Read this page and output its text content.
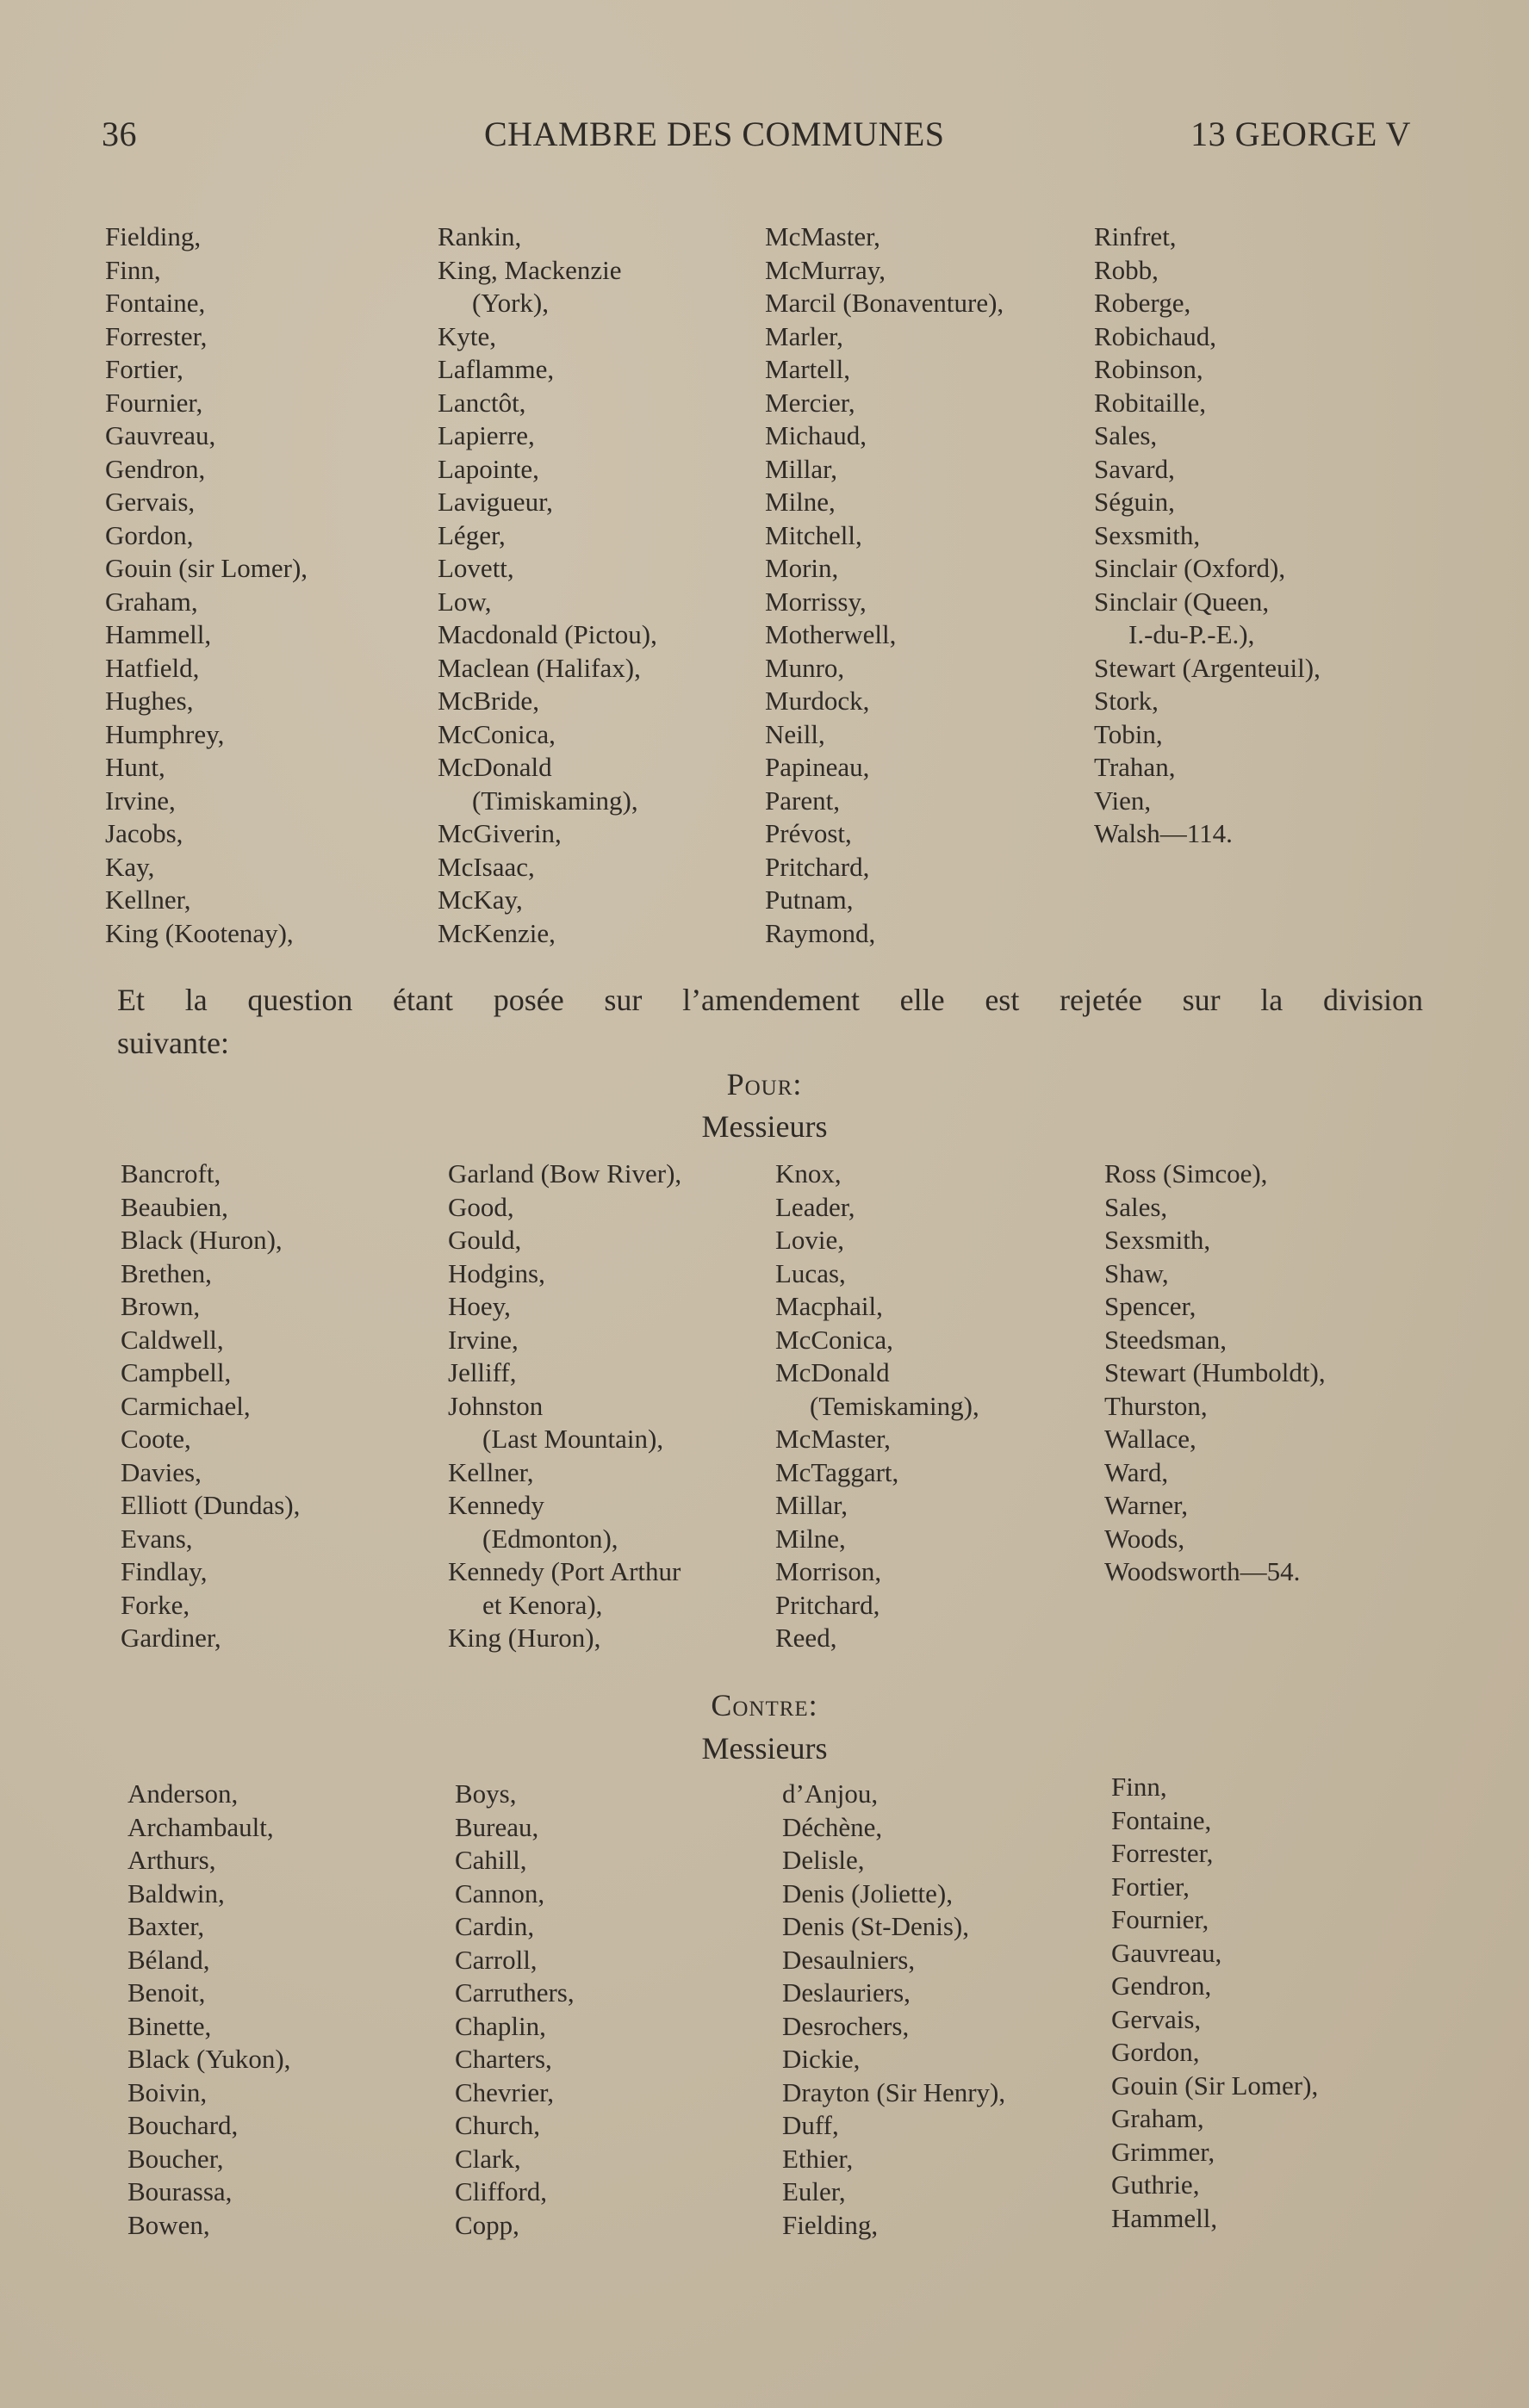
36	CHAMBRE DES COMMUNES	13 GEORGE V
Fielding,
Finn,
Fontaine,
Forrester,
Fortier,
Fournier,
Gauvreau,
Gendron,
Gervais,
Gordon,
Gouin (sir Lomer),
Graham,
Hammell,
Hatfield,
Hughes,
Humphrey,
Hunt,
Irvine,
Jacobs,
Kay,
Kellner,
King (Kootenay),
Rankin,
King, Mackenzie
(York),
Kyte,
Laflamme,
Lanctôt,
Lapierre,
Lapointe,
Lavigueur,
Léger,
Lovett,
Low,
Macdonald (Pictou),
Maclean (Halifax),
McBride,
McConica,
McDonald
(Timiskaming),
McGiverin,
McIsaac,
McKay,
McKenzie,
McMaster,
McMurray,
Marcil (Bonaventure),
Marler,
Martell,
Mercier,
Michaud,
Millar,
Milne,
Mitchell,
Morin,
Morrissy,
Motherwell,
Munro,
Murdock,
Neill,
Papineau,
Parent,
Prévost,
Pritchard,
Putnam,
Raymond,
Rinfret,
Robb,
Roberge,
Robichaud,
Robinson,
Robitaille,
Sales,
Savard,
Séguin,
Sexsmith,
Sinclair (Oxford),
Sinclair (Queen,
I.-du-P.-E.),
Stewart (Argenteuil),
Stork,
Tobin,
Trahan,
Vien,
Walsh—114.
Et la question étant posée sur l’amendement elle est rejetée sur la division
suivante:
Pour:
Messieurs
Bancroft,
Beaubien,
Black (Huron),
Brethen,
Brown,
Caldwell,
Campbell,
Carmichael,
Coote,
Davies,
Elliott (Dundas),
Evans,
Findlay,
Forke,
Gardiner,
Garland (Bow River),
Good,
Gould,
Hodgins,
Hoey,
Irvine,
Jelliff,
Johnston
(Last Mountain),
Kellner,
Kennedy
(Edmonton),
Kennedy (Port Arthur
et Kenora),
King (Huron),
Knox,
Leader,
Lovie,
Lucas,
Macphail,
McConica,
McDonald
(Temiskaming),
McMaster,
McTaggart,
Millar,
Milne,
Morrison,
Pritchard,
Reed,
Ross (Simcoe),
Sales,
Sexsmith,
Shaw,
Spencer,
Steedsman,
Stewart (Humboldt),
Thurston,
Wallace,
Ward,
Warner,
Woods,
Woodsworth—54.
Contre:
Messieurs
Anderson,
Archambault,
Arthurs,
Baldwin,
Baxter,
Béland,
Benoit,
Binette,
Black (Yukon),
Boivin,
Bouchard,
Boucher,
Bourassa,
Bowen,
Boys,
Bureau,
Cahill,
Cannon,
Cardin,
Carroll,
Carruthers,
Chaplin,
Charters,
Chevrier,
Church,
Clark,
Clifford,
Copp,
d’Anjou,
Déchène,
Delisle,
Denis (Joliette),
Denis (St-Denis),
Desaulniers,
Deslauriers,
Desrochers,
Dickie,
Drayton (Sir Henry),
Duff,
Ethier,
Euler,
Fielding,
Finn,
Fontaine,
Forrester,
Fortier,
Fournier,
Gauvreau,
Gendron,
Gervais,
Gordon,
Gouin (Sir Lomer),
Graham,
Grimmer,
Guthrie,
Hammell,
